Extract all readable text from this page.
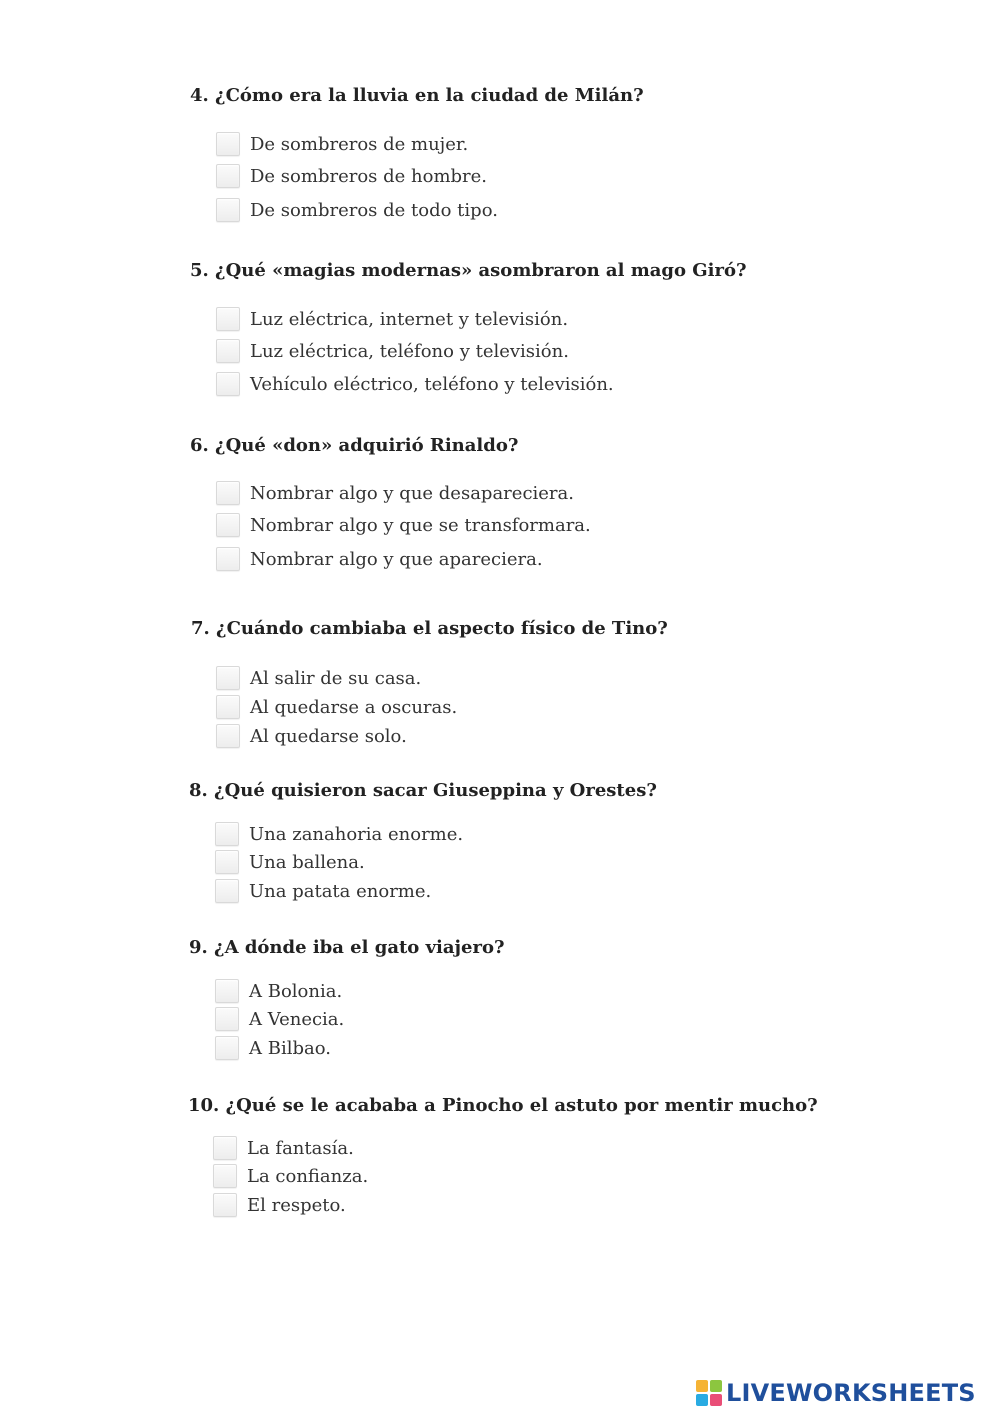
4. ¿Cómo era la lluvia en la ciudad de Milán?
De sombreros de mujer.
De sombreros de hombre.
De sombreros de todo tipo.
5. ¿Qué «magias modernas» asombraron al mago Giró?
Luz eléctrica, internet y televisión.
Luz eléctrica, teléfono y televisión.
Vehículo eléctrico, teléfono y televisión.
6. ¿Qué «don» adquirió Rinaldo?
Nombrar algo y que desapareciera.
Nombrar algo y que se transformara.
Nombrar algo y que apareciera.
7. ¿Cuándo cambiaba el aspecto físico de Tino?
Al salir de su casa.
Al quedarse a oscuras.
Al quedarse solo.
8. ¿Qué quisieron sacar Giuseppina y Orestes?
Una zanahoria enorme.
Una ballena.
Una patata enorme.
9. ¿A dónde iba el gato viajero?
A Bolonia.
A Venecia.
A Bilbao.
10. ¿Qué se le acababa a Pinocho el astuto por mentir mucho?
La fantasía.
La confianza.
El respeto.
LIVEWORKSHEETS
